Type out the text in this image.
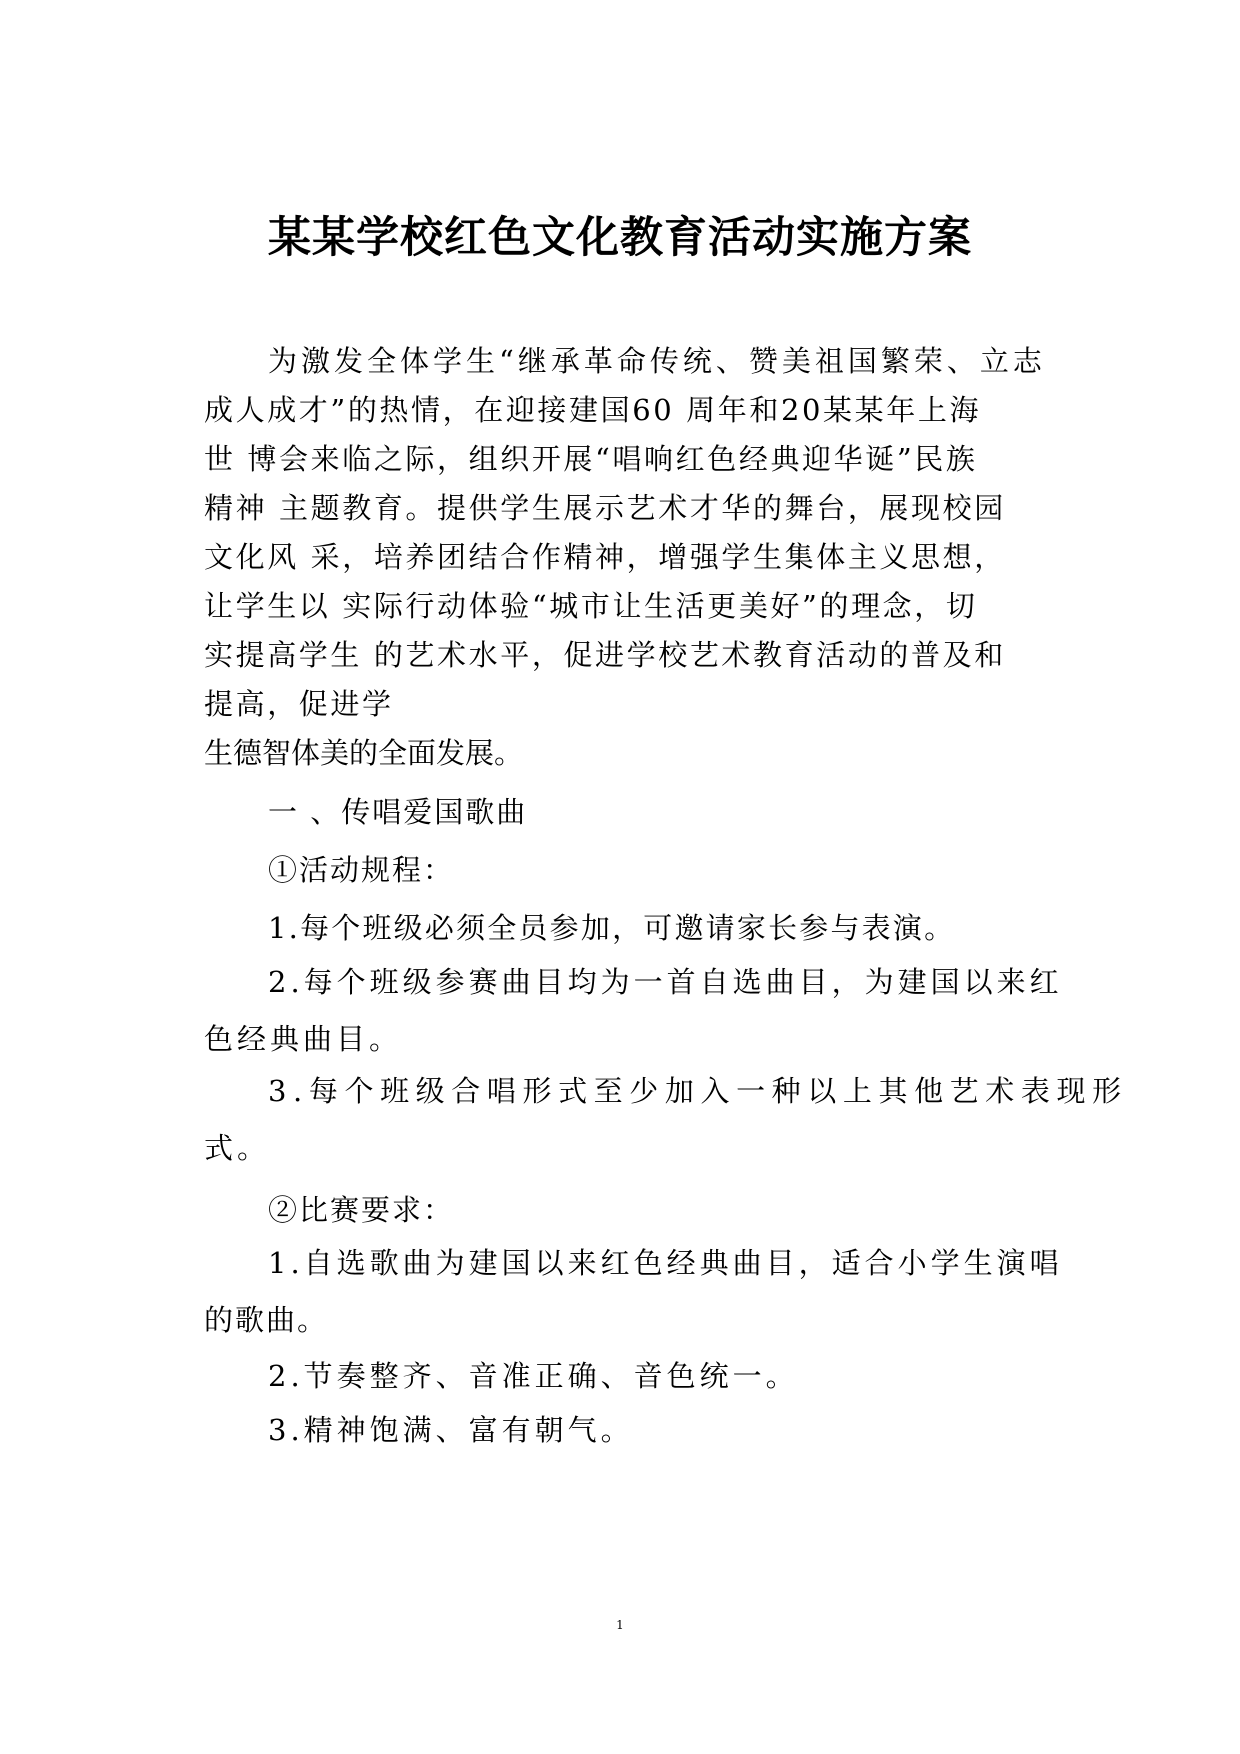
某某学校红色文化教育活动实施方案
为激发全体学生“继承革命传统、赞美祖国繁荣、立志
成人成才”的热情，在迎接建国60 周年和20某某年上海
世 博会来临之际，组织开展“唱响红色经典迎华诞”民族
精神 主题教育。提供学生展示艺术才华的舞台，展现校园
文化风 采，培养团结合作精神，增强学生集体主义思想，
让学生以 实际行动体验“城市让生活更美好”的理念，切
实提高学生 的艺术水平，促进学校艺术教育活动的普及和
提高，促进学
生德智体美的全面发展。
一 、传唱爱国歌曲
①活动规程：
1.每个班级必须全员参加，可邀请家长参与表演。
2.每个班级参赛曲目均为一首自选曲目，为建国以来红
色经典曲目。
3.每个班级合唱形式至少加入一种以上其他艺术表现形
式。
②比赛要求：
1.自选歌曲为建国以来红色经典曲目，适合小学生演唱
的歌曲。
2.节奏整齐、音准正确、音色统一。
3.精神饱满、富有朝气。
1
